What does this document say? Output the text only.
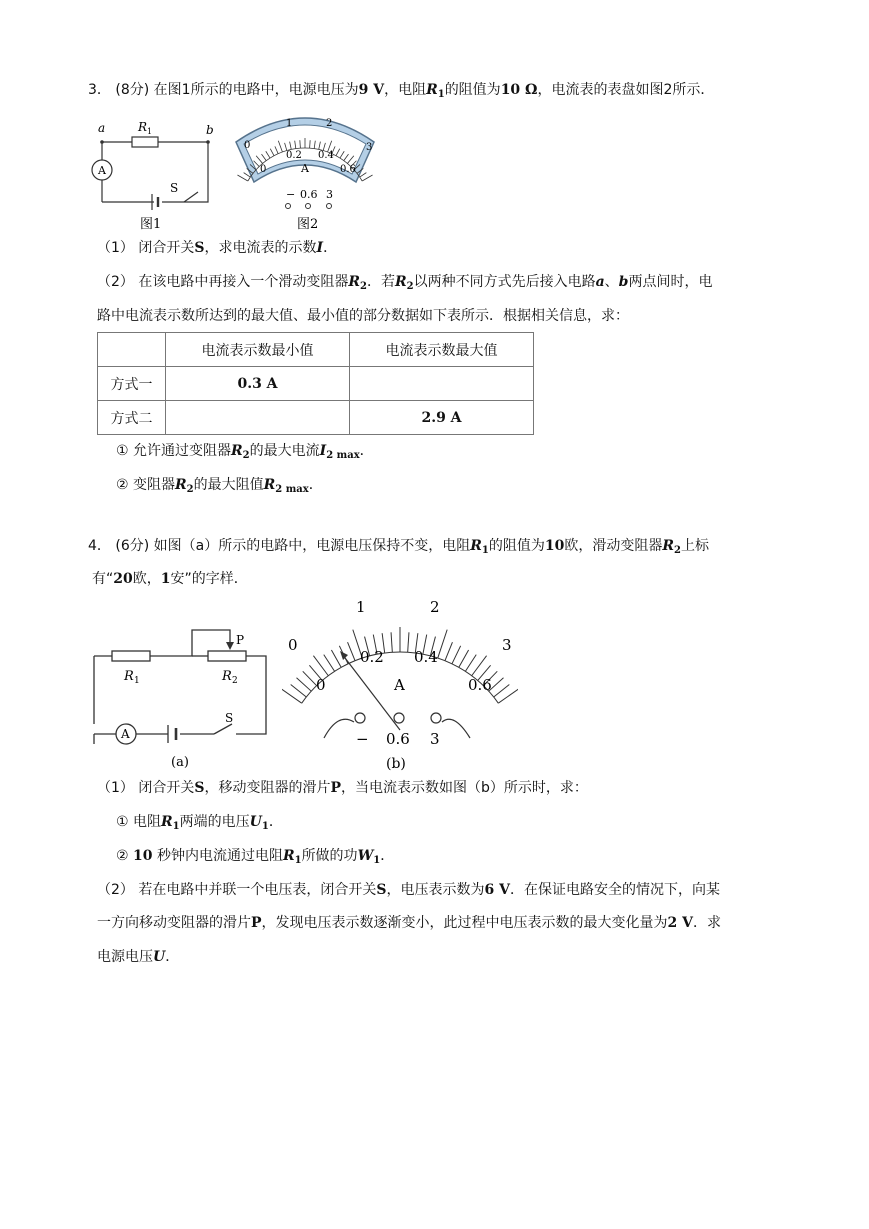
3． (8分) 在图1所示的电路中，电源电压为9 V，电阻$R_1$的阻值为10 Ω，电流表的表盘如图2所示．
a	b
R 1
A
S
图1
0
1	2
3
0
0.2 0.4
0.6
A
− 0.6 3
图2
（1） 闭合开关S，求电流表的示数I．
（2） 在该电路中再接入一个滑动变阻器$R_2$．若$R_2$以两种不同方式先后接入电路a、b两点间时，电
路中电流表示数所达到的最大值、最小值的部分数据如下表所示．根据相关信息，求：
	电流表示数最小值	电流表示数最大值
方式一	0.3 A	
方式二		2.9 A
① 允许通过变阻器$R_2$的最大电流$I_{2 max}$．
② 变阻器$R_2$的最大阻值$R_{2 max}$．
4． (6分) 如图（a）所示的电路中，电源电压保持不变，电阻$R_1$的阻值为10欧，滑动变阻器$R_2$上标
有“20欧，1安”的字样．
P
R 1	R 2
A
S
(a)
0
1	2
3
0
0.2 0.4
0.6
A
− 0.6 3
(b)
（1） 闭合开关S，移动变阻器的滑片P，当电流表示数如图（b）所示时，求：
① 电阻$R_1$两端的电压$U_1$．
② 10 秒钟内电流通过电阻$R_1$所做的功$W_1$．
（2） 若在电路中并联一个电压表，闭合开关S，电压表示数为6 V．在保证电路安全的情况下，向某
一方向移动变阻器的滑片P，发现电压表示数逐渐变小，此过程中电压表示数的最大变化量为2 V．求
电源电压U．
